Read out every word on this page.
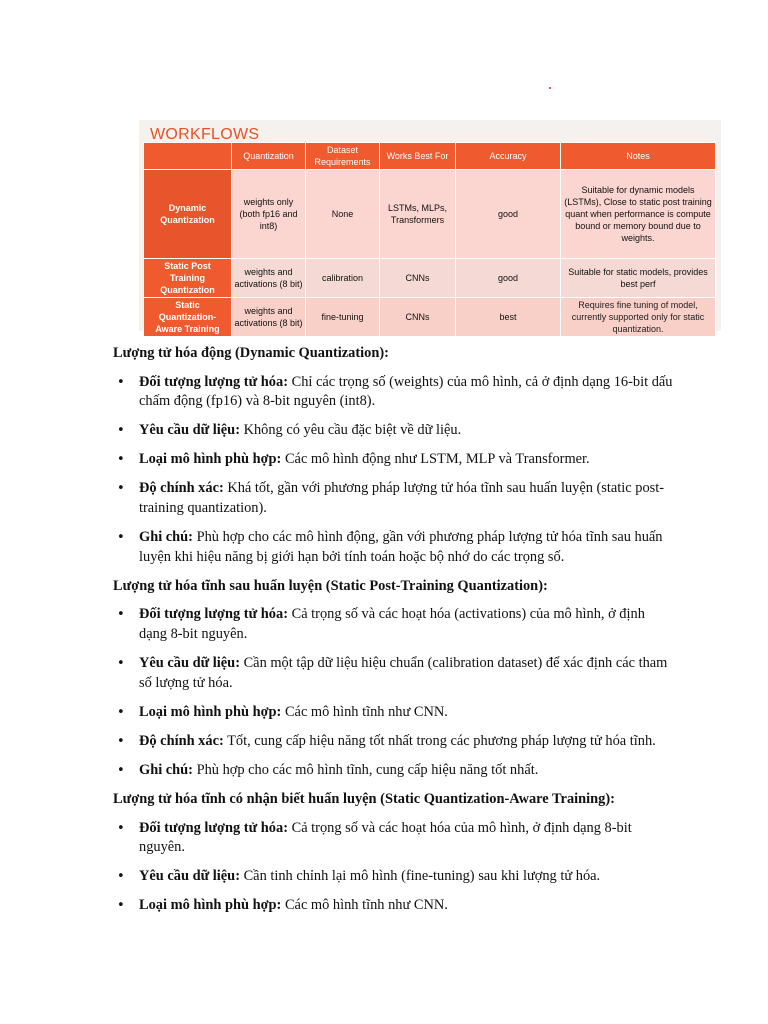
WORKFLOWS
	Quantization	Dataset Requirements	Works Best For	Accuracy	Notes
Dynamic Quantization	weights only (both fp16 and int8)	None	LSTMs, MLPs, Transformers	good	Suitable for dynamic models (LSTMs), Close to static post training quant when performance is compute bound or memory bound due to weights.
Static Post Training Quantization	weights and activations (8 bit)	calibration	CNNs	good	Suitable for static models, provides best perf
Static Quantization-Aware Training	weights and activations (8 bit)	fine-tuning	CNNs	best	Requires fine tuning of model, currently supported only for static quantization.
Lượng tử hóa động (Dynamic Quantization):
• Đối tượng lượng tử hóa: Chỉ các trọng số (weights) của mô hình, cả ở định dạng 16-bit dấu chấm động (fp16) và 8-bit nguyên (int8).
• Yêu cầu dữ liệu: Không có yêu cầu đặc biệt về dữ liệu.
• Loại mô hình phù hợp: Các mô hình động như LSTM, MLP và Transformer.
• Độ chính xác: Khá tốt, gần với phương pháp lượng tử hóa tĩnh sau huấn luyện (static post-training quantization).
• Ghi chú: Phù hợp cho các mô hình động, gần với phương pháp lượng tử hóa tĩnh sau huấn luyện khi hiệu năng bị giới hạn bởi tính toán hoặc bộ nhớ do các trọng số.
Lượng tử hóa tĩnh sau huấn luyện (Static Post-Training Quantization):
• Đối tượng lượng tử hóa: Cả trọng số và các hoạt hóa (activations) của mô hình, ở định dạng 8-bit nguyên.
• Yêu cầu dữ liệu: Cần một tập dữ liệu hiệu chuẩn (calibration dataset) để xác định các tham số lượng tử hóa.
• Loại mô hình phù hợp: Các mô hình tĩnh như CNN.
• Độ chính xác: Tốt, cung cấp hiệu năng tốt nhất trong các phương pháp lượng tử hóa tĩnh.
• Ghi chú: Phù hợp cho các mô hình tĩnh, cung cấp hiệu năng tốt nhất.
Lượng tử hóa tĩnh có nhận biết huấn luyện (Static Quantization-Aware Training):
• Đối tượng lượng tử hóa: Cả trọng số và các hoạt hóa của mô hình, ở định dạng 8-bit nguyên.
• Yêu cầu dữ liệu: Cần tinh chỉnh lại mô hình (fine-tuning) sau khi lượng tử hóa.
• Loại mô hình phù hợp: Các mô hình tĩnh như CNN.
